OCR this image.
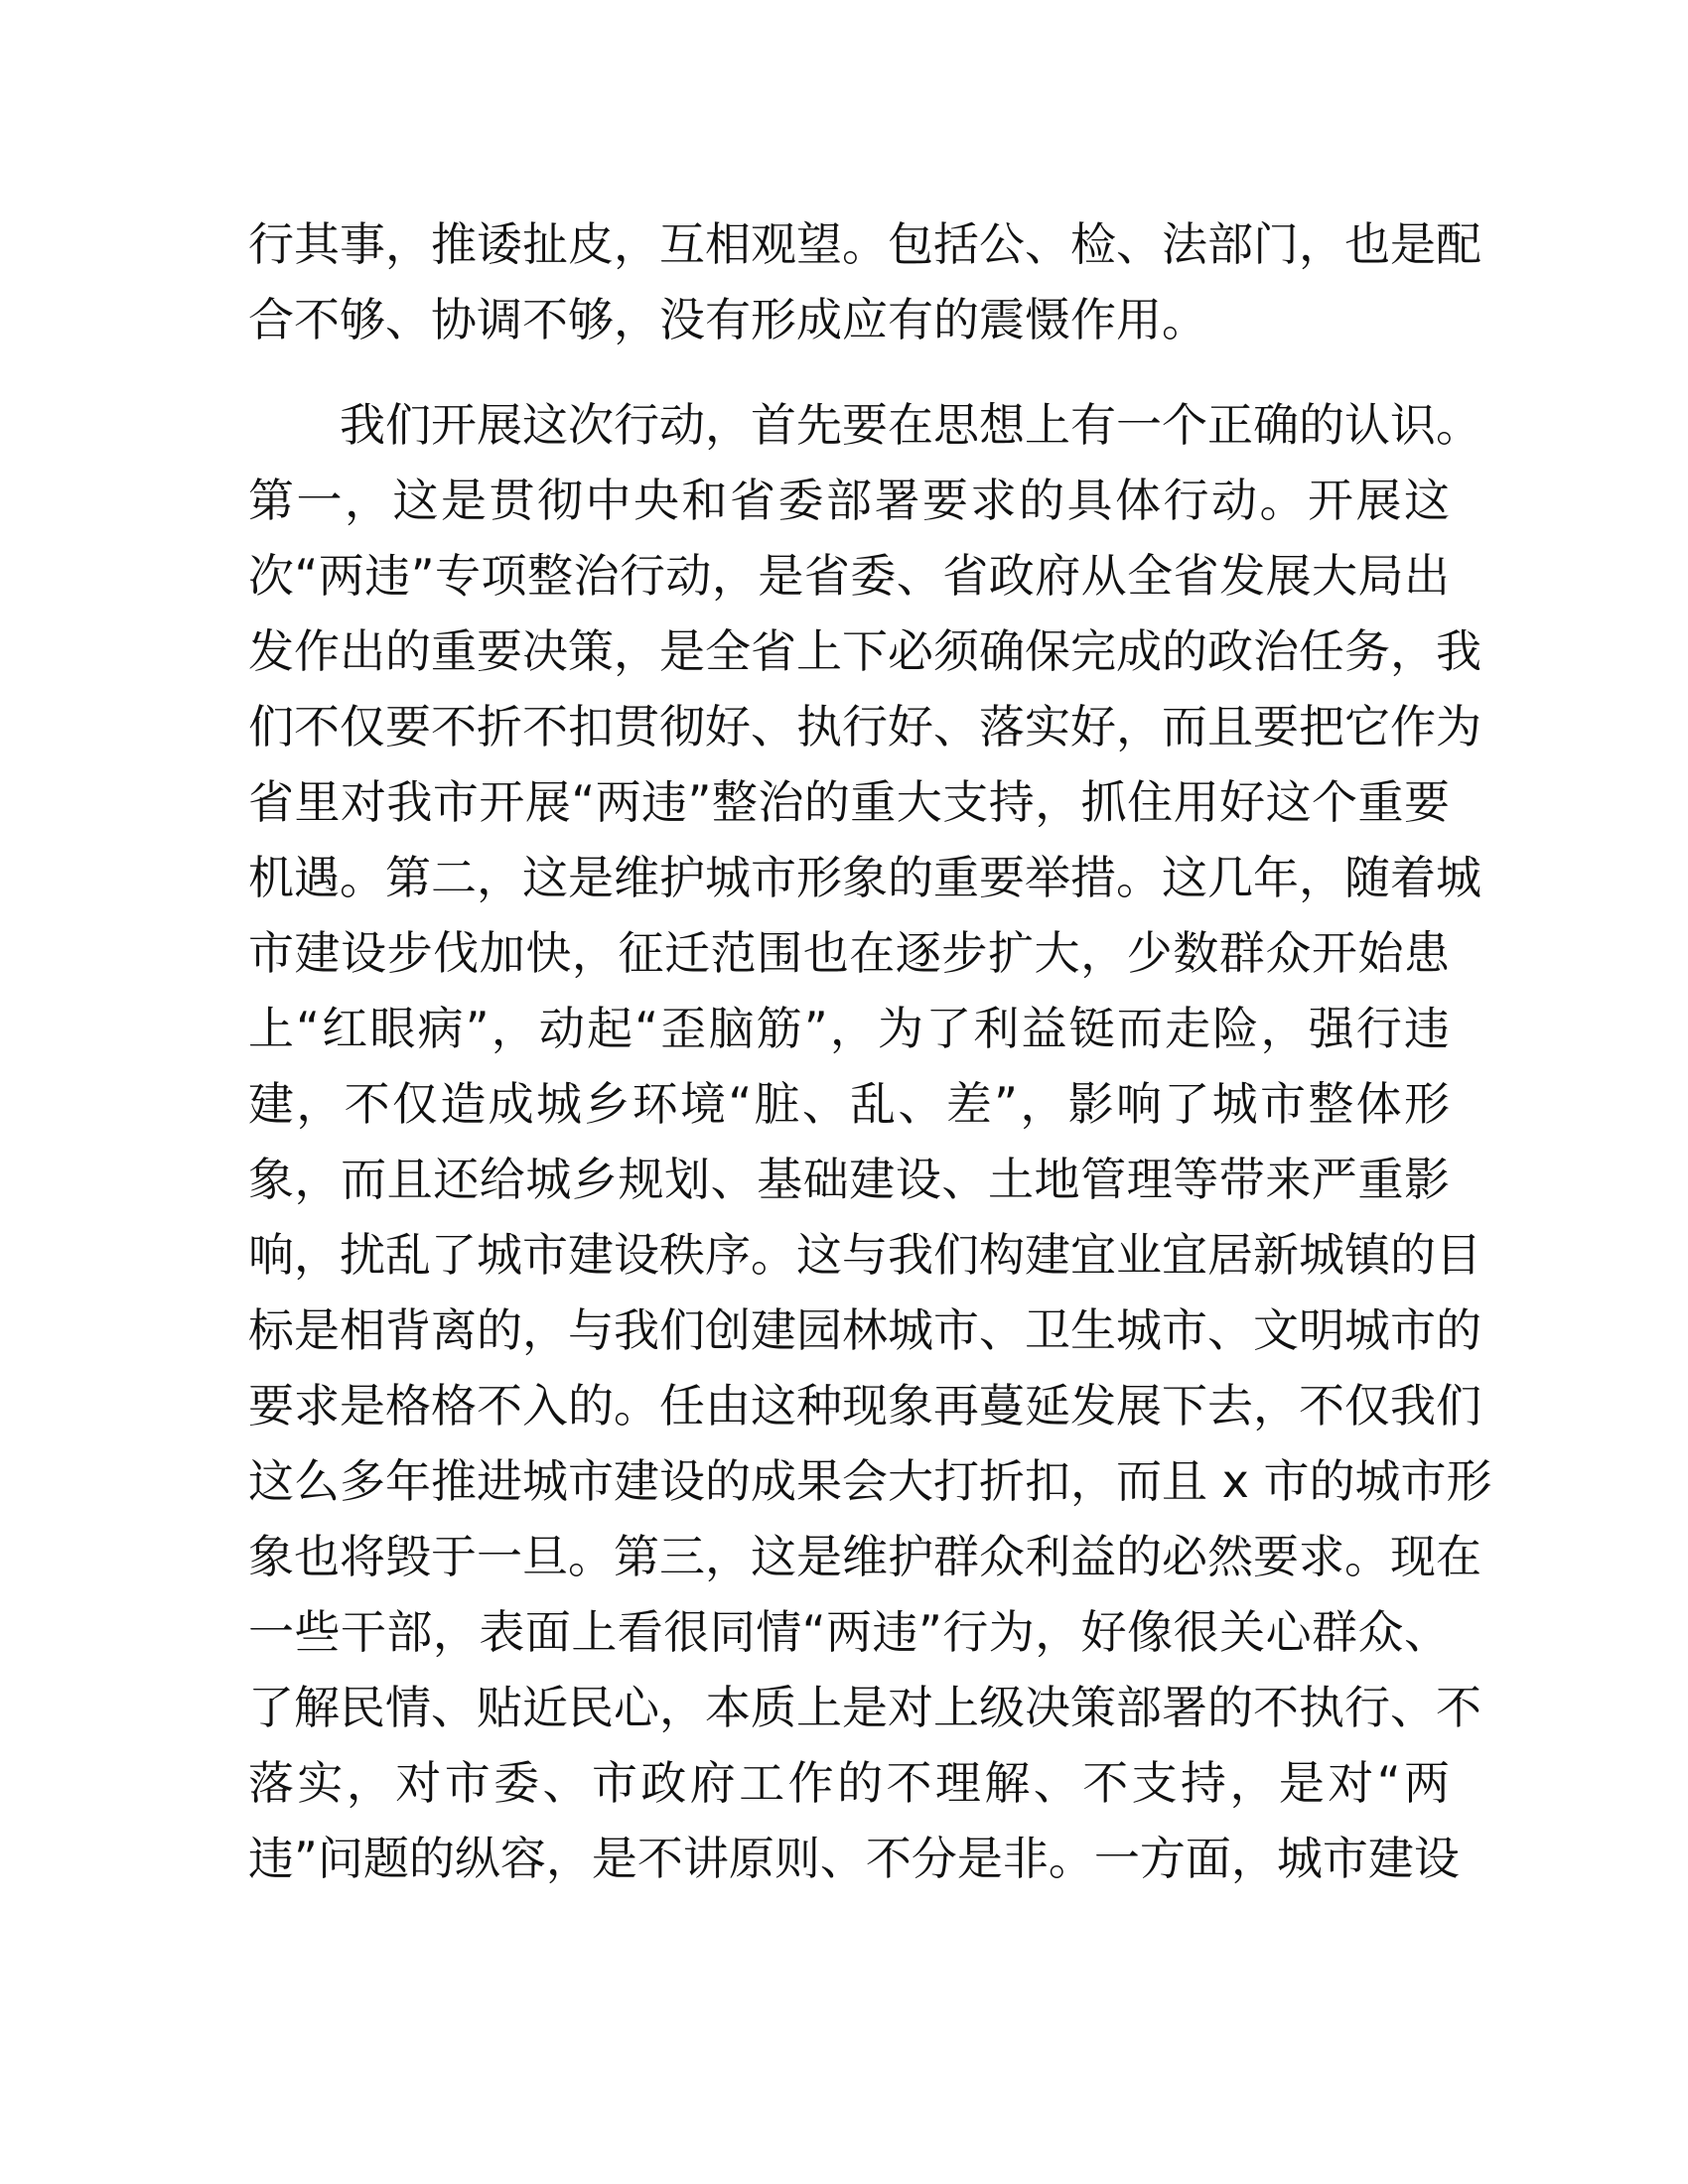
行其事，推诿扯皮，互相观望。包括公、检、法部门，也是配
合不够、协调不够，没有形成应有的震慑作用。
我们开展这次行动，首先要在思想上有一个正确的认识。
第一，这是贯彻中央和省委部署要求的具体行动。开展这
次“两违”专项整治行动，是省委、省政府从全省发展大局出
发作出的重要决策，是全省上下必须确保完成的政治任务，我
们不仅要不折不扣贯彻好、执行好、落实好，而且要把它作为
省里对我市开展“两违”整治的重大支持，抓住用好这个重要
机遇。第二，这是维护城市形象的重要举措。这几年，随着城
市建设步伐加快，征迁范围也在逐步扩大，少数群众开始患
上“红眼病”，动起“歪脑筋”，为了利益铤而走险，强行违
建，不仅造成城乡环境“脏、乱、差”，影响了城市整体形
象，而且还给城乡规划、基础建设、土地管理等带来严重影
响，扰乱了城市建设秩序。这与我们构建宜业宜居新城镇的目
标是相背离的，与我们创建园林城市、卫生城市、文明城市的
要求是格格不入的。任由这种现象再蔓延发展下去，不仅我们
这么多年推进城市建设的成果会大打折扣，而且 x 市的城市形
象也将毁于一旦。第三，这是维护群众利益的必然要求。现在
一些干部，表面上看很同情“两违”行为，好像很关心群众、
了解民情、贴近民心，本质上是对上级决策部署的不执行、不
落实，对市委、市政府工作的不理解、不支持，是对“两
违”问题的纵容，是不讲原则、不分是非。一方面，城市建设
